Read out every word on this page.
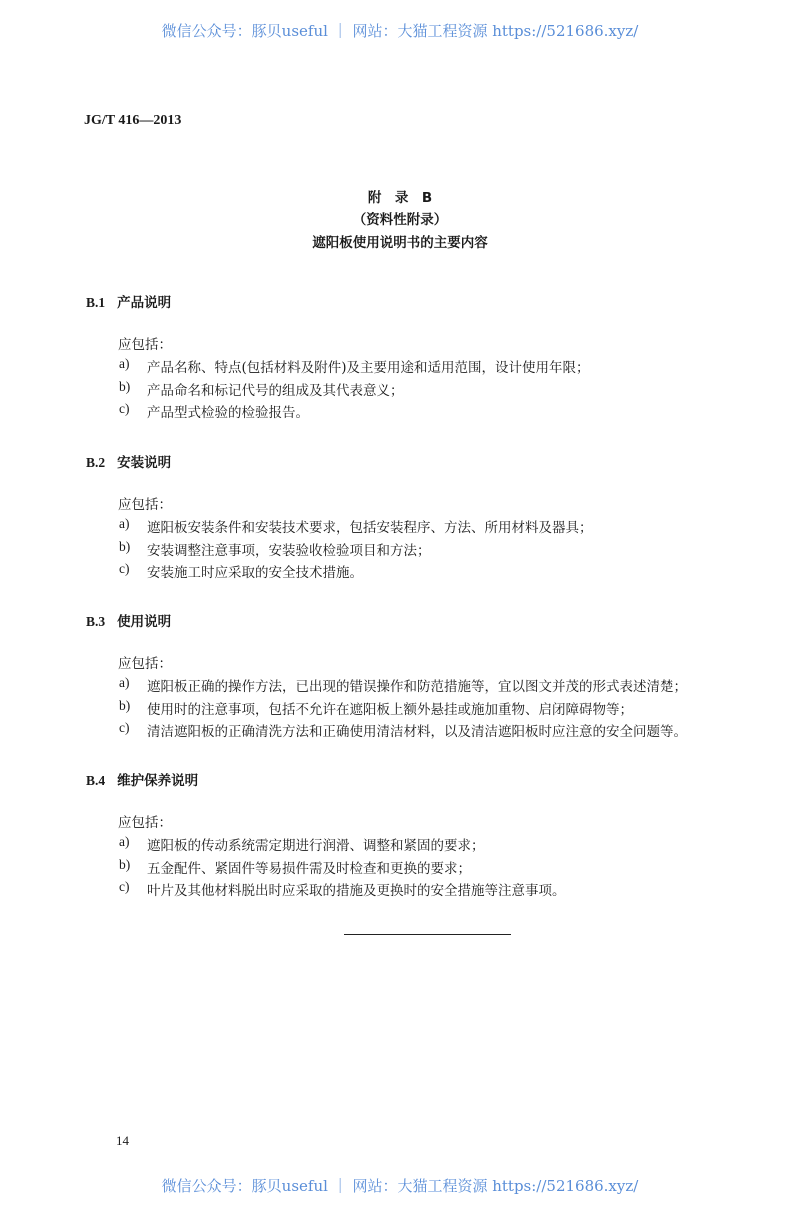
微信公众号：豚贝useful ｜ 网站：大猫工程资源 https://521686.xyz/
JG/T 416—2013
附　录　B
（资料性附录）
遮阳板使用说明书的主要内容
B.1 产品说明
应包括：
a)	产品名称、特点(包括材料及附件)及主要用途和适用范围，设计使用年限；
b)	产品命名和标记代号的组成及其代表意义；
c)	产品型式检验的检验报告。
B.2 安装说明
应包括：
a)	遮阳板安装条件和安装技术要求，包括安装程序、方法、所用材料及器具；
b)	安装调整注意事项，安装验收检验项目和方法；
c)	安装施工时应采取的安全技术措施。
B.3 使用说明
应包括：
a)	遮阳板正确的操作方法，已出现的错误操作和防范措施等，宜以图文并茂的形式表述清楚；
b)	使用时的注意事项，包括不允许在遮阳板上额外悬挂或施加重物、启闭障碍物等；
c)	清洁遮阳板的正确清洗方法和正确使用清洁材料，以及清洁遮阳板时应注意的安全问题等。
B.4 维护保养说明
应包括：
a)	遮阳板的传动系统需定期进行润滑、调整和紧固的要求；
b)	五金配件、紧固件等易损件需及时检查和更换的要求；
c)	叶片及其他材料脱出时应采取的措施及更换时的安全措施等注意事项。
14
微信公众号：豚贝useful ｜ 网站：大猫工程资源 https://521686.xyz/
